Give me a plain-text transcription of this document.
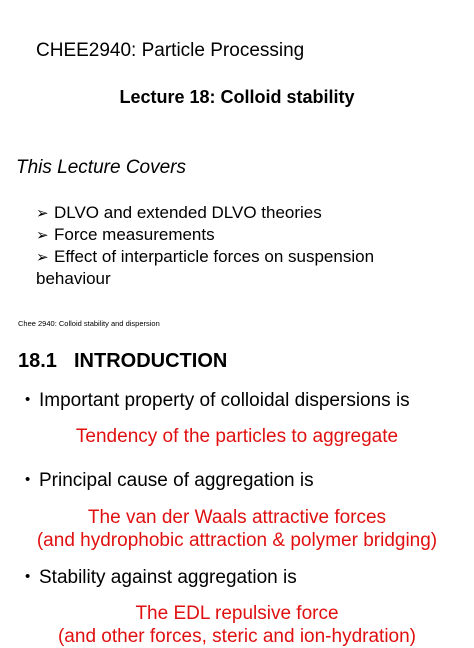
CHEE2940: Particle Processing
Lecture 18: Colloid stability
This Lecture Covers
➢ DLVO and extended DLVO theories
➢ Force measurements
➢ Effect of interparticle forces on suspension
behaviour
Chee 2940: Colloid stability and dispersion
18.1 INTRODUCTION
• Important property of colloidal dispersions is
Tendency of the particles to aggregate
• Principal cause of aggregation is
The van der Waals attractive forces
(and hydrophobic attraction & polymer bridging)
• Stability against aggregation is
The EDL repulsive force
(and other forces, steric and ion-hydration)
